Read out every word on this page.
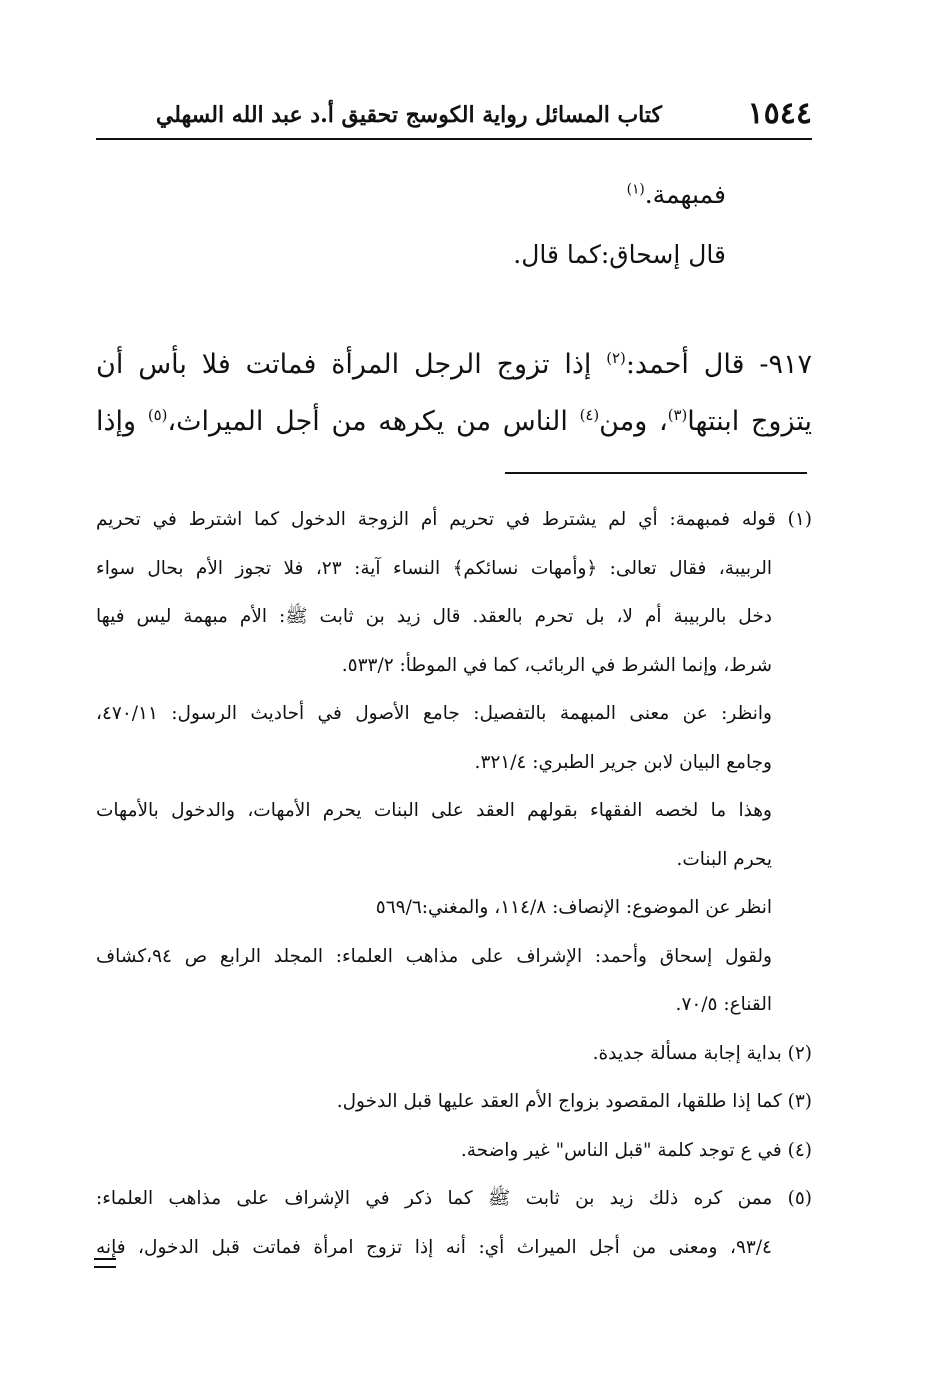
١٥٤٤
كتاب المسائل رواية الكوسج تحقيق أ.د عبد الله السهلي
فمبهمة.$^{(١)}$
قال إسحاق:كما قال.
٩١٧- قال أحمد:$^{(٢)}$ إذا تزوج الرجل المرأة فماتت فلا بأس أن يتزوج ابنتها$^{(٣)}$، ومن$^{(٤)}$ الناس من يكرهه من أجل الميراث،$^{(٥)}$ وإذا
(١) قوله فمبهمة: أي لم يشترط في تحريم أم الزوجة الدخول كما اشترط في تحريم
الربيبة، فقال تعالى: ﴿وأمهات نسائكم﴾ النساء آية: ٢٣، فلا تجوز الأم بحال سواء
دخل بالربيبة أم لا، بل تحرم بالعقد. قال زيد بن ثابت ﷺ: الأم مبهمة ليس فيها
شرط، وإنما الشرط في الربائب، كما في الموطأ: ٥٣٣/٢.
وانظر: عن معنى المبهمة بالتفصيل: جامع الأصول في أحاديث الرسول: ٤٧٠/١١،
وجامع البيان لابن جرير الطبري: ٣٢١/٤.
وهذا ما لخصه الفقهاء بقولهم العقد على البنات يحرم الأمهات، والدخول بالأمهات
يحرم البنات.
انظر عن الموضوع: الإنصاف: ١١٤/٨، والمغني:٥٦٩/٦
ولقول إسحاق وأحمد: الإشراف على مذاهب العلماء: المجلد الرابع ص ٩٤،كشاف
القناع: ٧٠/٥.
(٢) بداية إجابة مسألة جديدة.
(٣) كما إذا طلقها، المقصود بزواج الأم العقد عليها قبل الدخول.
(٤) في ع توجد كلمة "قبل الناس" غير واضحة.
(٥) ممن كره ذلك زيد بن ثابت ﷺ كما ذكر في الإشراف على مذاهب العلماء:
٩٣/٤، ومعنى من أجل الميراث أي: أنه إذا تزوج امرأة فماتت قبل الدخول، فإنه
